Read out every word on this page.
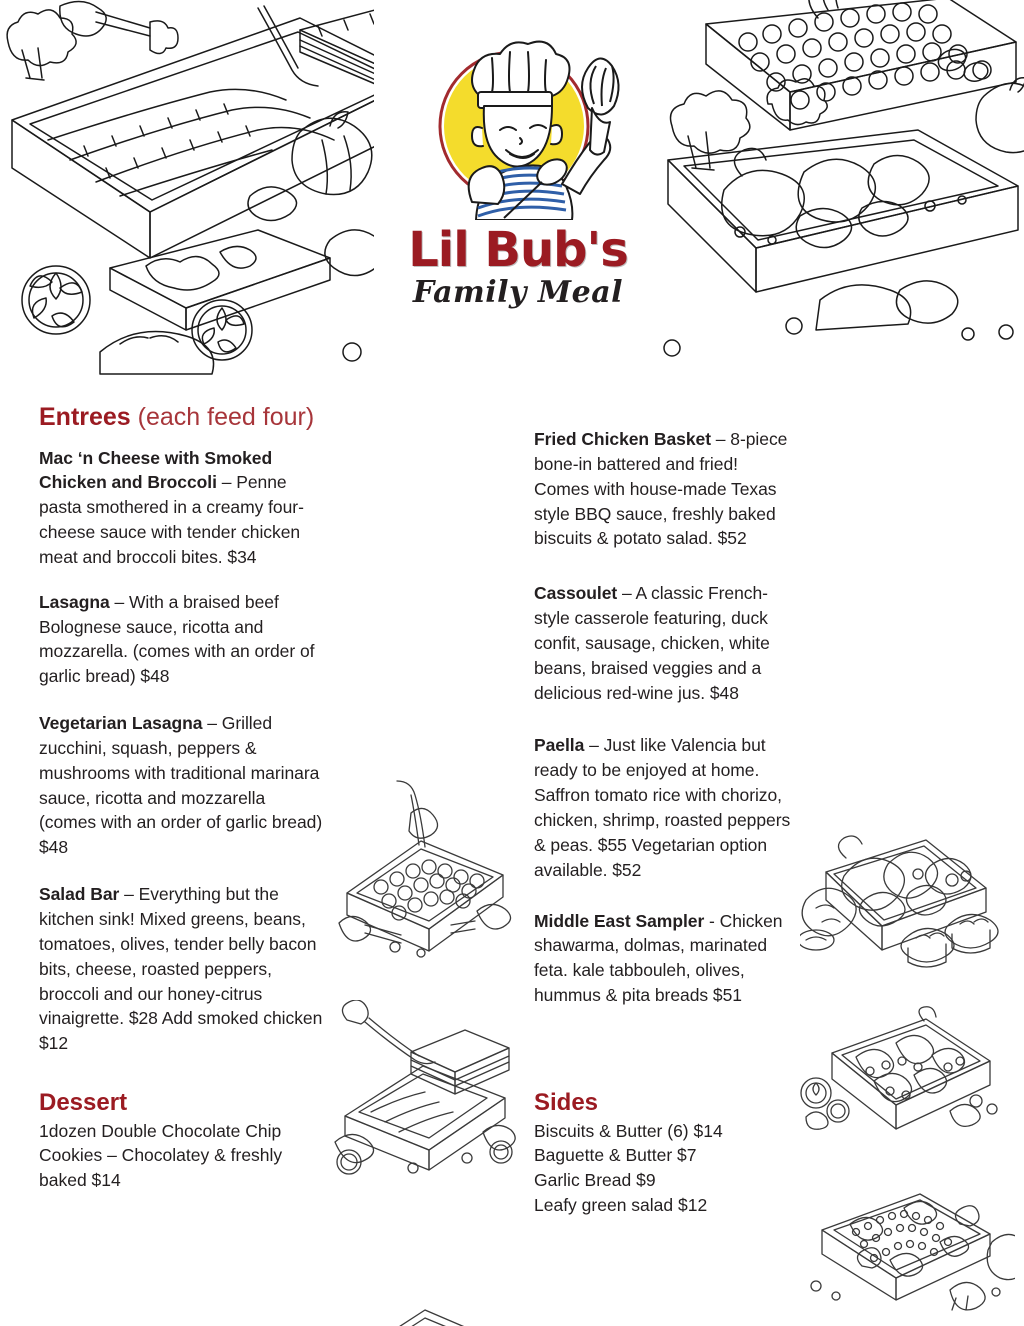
Lil Bub's
Family Meal
Entrees (each feed four)
Mac ‘n Cheese with Smoked Chicken and Broccoli – Penne pasta smothered in a creamy four-cheese sauce with tender chicken meat and broccoli bites. $34
Lasagna – With a braised beef Bolognese sauce, ricotta and mozzarella. (comes with an order of garlic bread) $48
Vegetarian Lasagna – Grilled zucchini, squash, peppers & mushrooms with traditional marinara sauce, ricotta and mozzarella (comes with an order of garlic bread) $48
Salad Bar – Everything but the kitchen sink! Mixed greens, beans, tomatoes, olives, tender belly bacon bits, cheese, roasted peppers, broccoli and our honey-citrus vinaigrette. $28 Add smoked chicken $12
Fried Chicken Basket – 8-piece bone-in battered and fried! Comes with house-made Texas style BBQ sauce, freshly baked biscuits & potato salad. $52
Cassoulet – A classic French-style casserole featuring, duck confit, sausage, chicken, white beans, braised veggies and a delicious red-wine jus. $48
Paella – Just like Valencia but ready to be enjoyed at home. Saffron tomato rice with chorizo, chicken, shrimp, roasted peppers & peas. $55 Vegetarian option available. $52
Middle East Sampler - Chicken shawarma, dolmas, marinated feta. kale tabbouleh, olives, hummus & pita breads $51
Dessert
1dozen Double Chocolate Chip Cookies – Chocolatey & freshly baked $14
Sides
Biscuits & Butter (6) $14
Baguette & Butter $7
Garlic Bread $9
Leafy green salad $12
